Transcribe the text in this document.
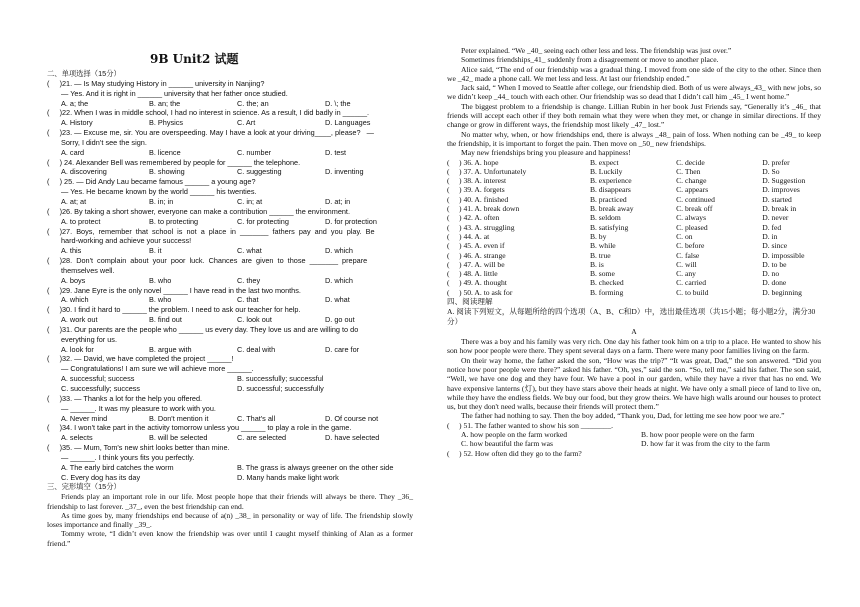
9B Unit2 试题
二、单项选择（15分）
(     )21. — Is May studying History in ______ university in Nanjing?
— Yes. And it is right in ______ university that her father once studied.
A. a; the	B. an; the	C. the; an	D. \; the
(     )22. When I was in middle school, I had no interest in science. As a result, I did badly in ______.
A. History	B. Physics	C. Art	D. Languages
(     )23. — Excuse me, sir. You are overspeeding. May I have a look at your driving____, please?   —
Sorry, I didn’t see the sign.
A. card	B. licence	C. number	D. test
(     ) 24. Alexander Bell was remembered by people for ______ the telephone.
A. discovering	B. showing	C. suggesting	D. inventing
(     ) 25. — Did Andy Lau became famous ______ a young age?
— Yes. He became known by the world ______ his twenties.
A. at; at	B. in; in	C. in; at	D. at; in
(     )26. By taking a short shower, everyone can make a contribution ______ the environment.
A. to protect	B. to protecting	C. for protecting	D. for protection
(     )27.  Boys,  remember  that  school  is  not  a  place  in  _______  fathers  pay  and  you  play.  Be
hard-working and achieve your success!
A. this	B. it	C. what	D. which
(     )28.  Don't  complain  about  your  poor  luck.  Chances  are  given  to  those  _______  prepare
themselves well.
A. boys	B. who	C. they	D. which
(     )29. Jane Eyre is the only novel ______ I have read in the last two months.
A. which	B. who	C. that	D. what
(     )30. I find it hard to ______ the problem. I need to ask our teacher for help.
A. work out	B. find out	C. look out	D. go out
(     )31. Our parents are the people who ______ us every day. They love us and are willing to do
everything for us.
A. look for	B. argue with	C. deal with	D. care for
(     )32. — David, we have completed the project ______!
— Congratulations! I am sure we will achieve more ______.
A. successful; success	B. successfully; successful
C. successfully; success	D. successful; successfully
(     )33. — Thanks a lot for the help you offered.
— ______. It was my pleasure to work with you.
A. Never mind	B. Don't mention it	C. That's all	D. Of course not
(     )34. I won't take part in the activity tomorrow unless you ______ to play a role in the game.
A. selects	B. will be selected	C. are selected	D. have selected
(     )35. — Mum, Tom's new shirt looks better than mine.
— ______. I think yours fits you perfectly.
A. The early bird catches the worm	B. The grass is always greener on the other side
C. Every dog has its day	D. Many hands make light work
三、完形填空（15分）
Friends play an important role in our life. Most people hope that their friends will always be there. They _36_ friendship to last forever. _37_, even the best friendship can end.
As time goes by, many friendships end because of a(n) _38_ in personality or way of life. The friendship slowly loses importance and finally _39_.
Tommy wrote, “I didn’t even know the friendship was over until I caught myself thinking of Alan as a former friend.”
Peter explained. “We _40_ seeing each other less and less. The friendship was just over.”
Sometimes friendships_41_ suddenly from a disagreement or move to another place.
Alice said, “The end of our friendship was a gradual thing. I moved from one side of the city to the other. Since then we _42_ made a phone call. We met less and less. At last our friendship ended.”
Jack said, “ When I moved to Seattle after college, our friendship died. Both of us were always_43_ with new jobs, so we didn’t keep _44_ touch with each other. Our friendship was so dead that I didn’t call him _45_ I went home.”
The biggest problem to a friendship is change. Lillian Rubin in her book Just Friends say, “Generally it’s _46_ that friends will accept each other if they both remain what they were when they met, or change in similar directions. If they change or grow in different ways, the friendship most likely _47_ lost.”
No matter why, when, or how friendships end, there is always _48_ pain of loss. When nothing can be _49_ to keep the friendship, it is important to forget the pain. Then move on _50_ new friendships.
May new friendships bring you pleasure and happiness!
(     ) 36. A. hope	B. expect	C. decide	D. prefer
(     ) 37. A. Unfortunately	B. Luckily	C. Then	D. So
(     ) 38. A. interest	B. experience	C. change	D. Suggestion
(     ) 39. A. forgets	B. disappears	C. appears	D. improves
(     ) 40. A. finished	B. practiced	C. continued	D. started
(     ) 41. A. break down	B. break away	C. break off	D. break in
(     ) 42. A. often	B. seldom	C. always	D. never
(     ) 43. A. struggling	B. satisfying	C. pleased	D. fed
(     ) 44. A. at	B. by	C. on	D. in
(     ) 45. A. even if	B. while	C. before	D. since
(     ) 46. A. strange	B. true	C. false	D. impossible
(     ) 47. A. will be	B. is	C. will	D. to be
(     ) 48. A. little	B. some	C. any	D. no
(     ) 49. A. thought	B. checked	C. carried	D. done
(     ) 50. A. to ask for	B. forming	C. to build	D. beginning
四、阅读理解
A. 阅读下列短文，从每题所给的四个选项（A、B、C和D）中，选出最佳选项（共15小题；每小题2分，满分30分）
A
There was a boy and his family was very rich. One day his father took him on a trip to a place. He wanted to show his son how poor people were there. They spent several days on a farm. There were many poor families living on the farm.
On their way home, the father asked the son, “How was the trip?” “It was great, Dad,” the son answered. “Did you notice how poor people were there?” asked his father. “Oh, yes,” said the son. “So, tell me,” said his father. The son said, “Well, we have one dog and they have four. We have a pool in our garden, while they have a river that has no end. We have expensive lanterns (灯), but they have stars above their heads at night. We have only a small piece of land to live on, while they have the endless fields. We buy our food, but they grow theirs. We have high walls around our houses to protect us, but they don't need walls, because their friends will protect them.”
The father had nothing to say. Then the boy added, “Thank you, Dad, for letting me see how poor we are.”
(     ) 51. The father wanted to show his son ________.
A. how people on the farm worked	B. how poor people were on the farm
C. how beautiful the farm was	D. how far it was from the city to the farm
(     ) 52. How often did they go to the farm?
